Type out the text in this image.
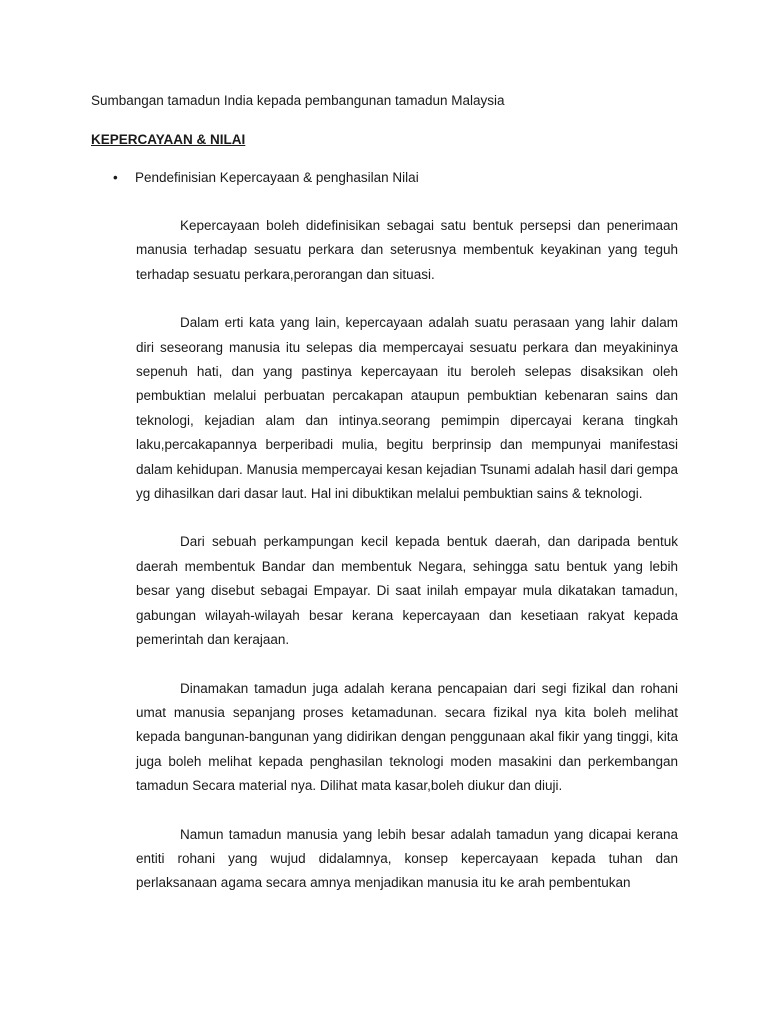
Sumbangan tamadun India kepada pembangunan tamadun Malaysia

KEPERCAYAAN & NILAI

• Pendefinisian Kepercayaan & penghasilan Nilai

Kepercayaan boleh didefinisikan sebagai satu bentuk persepsi dan penerimaan manusia terhadap sesuatu perkara dan seterusnya membentuk keyakinan yang teguh terhadap sesuatu perkara,perorangan dan situasi.

Dalam erti kata yang lain, kepercayaan adalah suatu perasaan yang lahir dalam diri seseorang manusia itu selepas dia mempercayai sesuatu perkara dan meyakininya sepenuh hati, dan yang pastinya kepercayaan itu beroleh selepas disaksikan oleh pembuktian melalui perbuatan percakapan ataupun pembuktian kebenaran sains dan teknologi, kejadian alam dan intinya.seorang pemimpin dipercayai kerana tingkah laku,percakapannya berperibadi mulia, begitu berprinsip dan mempunyai manifestasi dalam kehidupan. Manusia mempercayai kesan kejadian Tsunami adalah hasil dari gempa yg dihasilkan dari dasar laut. Hal ini dibuktikan melalui pembuktian sains & teknologi.

Dari sebuah perkampungan kecil kepada bentuk daerah, dan daripada bentuk daerah membentuk Bandar dan membentuk Negara, sehingga satu bentuk yang lebih besar yang disebut sebagai Empayar. Di saat inilah empayar mula dikatakan tamadun, gabungan wilayah-wilayah besar kerana kepercayaan dan kesetiaan rakyat kepada pemerintah dan kerajaan.

Dinamakan tamadun juga adalah kerana pencapaian dari segi fizikal dan rohani umat manusia sepanjang proses ketamadunan. secara fizikal nya kita boleh melihat kepada bangunan-bangunan yang didirikan dengan penggunaan akal fikir yang tinggi, kita juga boleh melihat kepada penghasilan teknologi moden masakini dan perkembangan tamadun Secara material nya. Dilihat mata kasar,boleh diukur dan diuji.

Namun tamadun manusia yang lebih besar adalah tamadun yang dicapai kerana entiti rohani yang wujud didalamnya, konsep kepercayaan kepada tuhan dan perlaksanaan agama secara amnya menjadikan manusia itu ke arah pembentukan
